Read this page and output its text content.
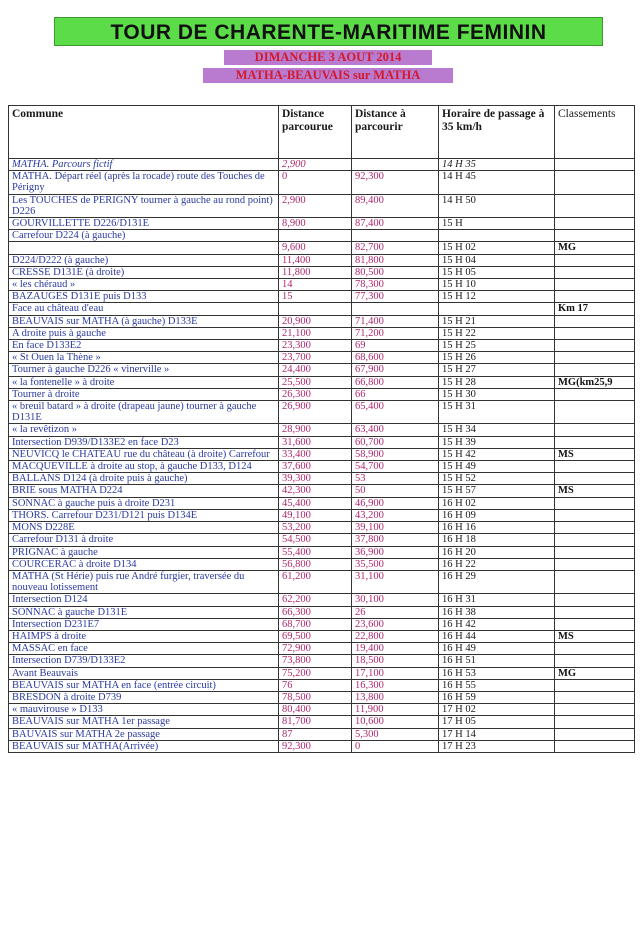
TOUR DE CHARENTE-MARITIME FEMININ
DIMANCHE 3 AOUT 2014
MATHA-BEAUVAIS sur MATHA
Commune	Distance parcourue	Distance à parcourir	Horaire de passage à 35 km/h	Classements
MATHA. Parcours fictif	2,900		14 H 35	
MATHA. Départ réel (après la rocade) route des Touches de Périgny	0	92,300	14 H 45	
Les TOUCHES de PERIGNY tourner à gauche au rond point) D226	2,900	89,400	14 H 50	
GOURVILLETTE D226/D131E	8,900	87,400	15 H	
Carrefour D224 (à gauche)				
	9,600	82,700	15 H 02	MG
D224/D222 (à gauche)	11,400	81,800	15 H 04	
CRESSE D131E (à droite)	11,800	80,500	15 H 05	
« les chéraud »	14	78,300	15 H 10	
BAZAUGES D131E puis D133	15	77,300	15 H 12	
Face au château d'eau				Km 17
BEAUVAIS sur MATHA (à gauche) D133E	20,900	71,400	15 H 21	
A droite puis à gauche	21,100	71,200	15 H 22	
En face D133E2	23,300	69	15 H 25	
« St Ouen la Thène »	23,700	68,600	15 H 26	
Tourner à gauche D226 « vinerville »	24,400	67,900	15 H 27	
« la fontenelle » à droite	25,500	66,800	15 H 28	MG(km25,9
Tourner à droite	26,300	66	15 H 30	
« breuil batard » à droite (drapeau jaune) tourner à gauche D131E	26,900	65,400	15 H 31	
« la revêtizon »	28,900	63,400	15 H 34	
Intersection D939/D133E2 en face D23	31,600	60,700	15 H 39	
NEUVICQ le CHATEAU rue du château (à droite) Carrefour	33,400	58,900	15 H 42	MS
MACQUEVILLE à droite au stop, à gauche D133, D124	37,600	54,700	15 H 49	
BALLANS D124 (à droite puis à gauche)	39,300	53	15 H 52	
BRIE sous MATHA D224	42,300	50	15 H 57	MS
SONNAC à gauche puis à droite D231	45,400	46,900	16 H 02	
THORS. Carrefour D231/D121 puis D134E	49,100	43,200	16 H 09	
MONS D228E	53,200	39,100	16 H 16	
Carrefour D131 à droite	54,500	37,800	16 H 18	
PRIGNAC à gauche	55,400	36,900	16 H 20	
COURCERAC à droite D134	56,800	35,500	16 H 22	
MATHA (St Hérie) puis rue André furgier, traversée du nouveau lotissement	61,200	31,100	16 H 29	
Intersection D124	62,200	30,100	16 H 31	
SONNAC à gauche D131E	66,300	26	16 H 38	
Intersection D231E7	68,700	23,600	16 H 42	
HAIMPS à droite	69,500	22,800	16 H 44	MS
MASSAC en face	72,900	19,400	16 H 49	
Intersection D739/D133E2	73,800	18,500	16 H 51	
Avant Beauvais	75,200	17,100	16 H 53	MG
BEAUVAIS sur MATHA en face (entrée circuit)	76	16,300	16 H 55	
BRESDON à droite D739	78,500	13,800	16 H 59	
« mauvirouse » D133	80,400	11,900	17 H 02	
BEAUVAIS sur MATHA 1er passage	81,700	10,600	17 H 05	
BAUVAIS sur MATHA 2e passage	87	5,300	17 H 14	
BEAUVAIS sur MATHA(Arrivée)	92,300	0	17 H 23	
